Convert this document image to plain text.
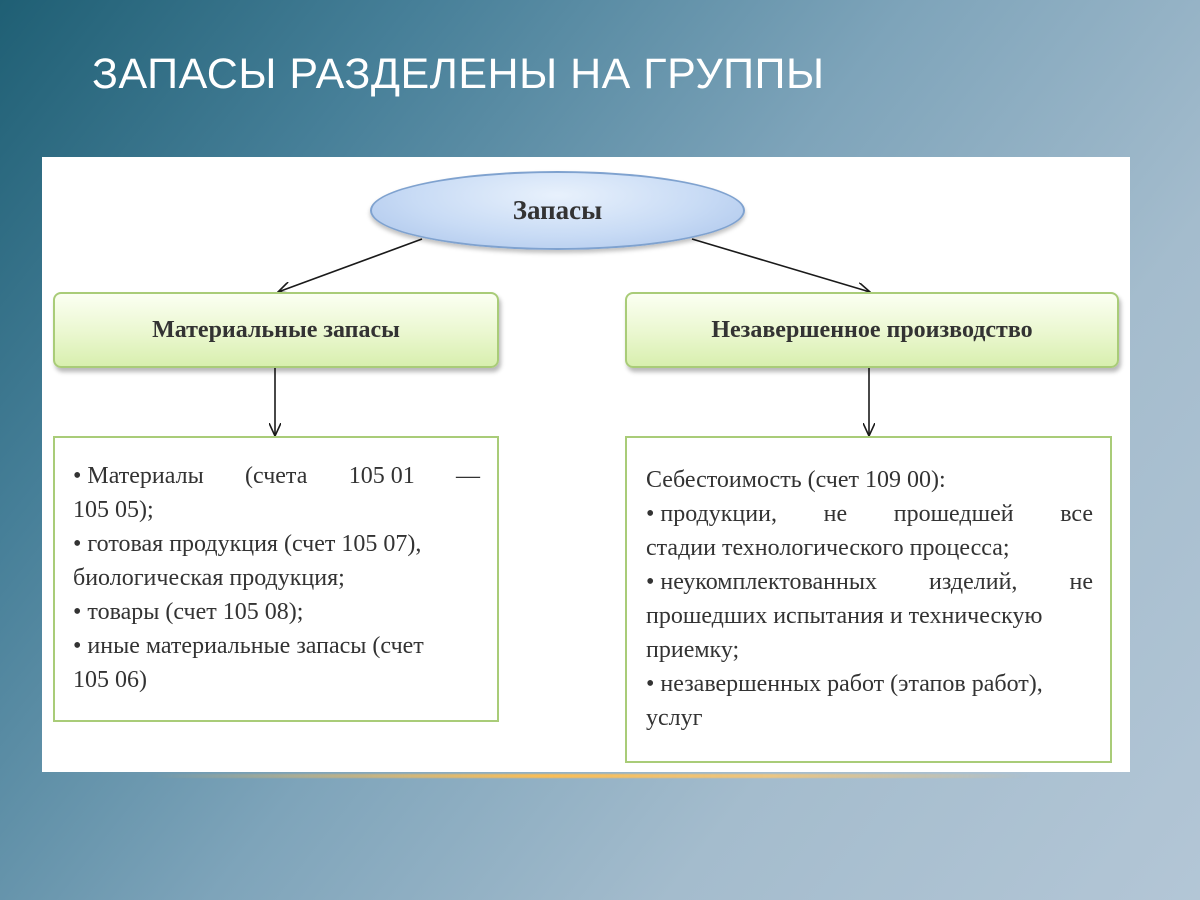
ЗАПАСЫ РАЗДЕЛЕНЫ НА ГРУППЫ
Запасы
Материальные запасы	Незавершенное производство
• Материалы (счета 105 01 —
105 05);
• готовая продукция (счет 105 07),
биологическая продукция;
• товары (счет 105 08);
• иные материальные запасы (счет
105 06)
Себестоимость (счет 109 00):
• продукции, не прошедшей все
стадии технологического процесса;
• неукомплектованных изделий, не
прошедших испытания и техническую
приемку;
• незавершенных работ (этапов работ),
услуг
